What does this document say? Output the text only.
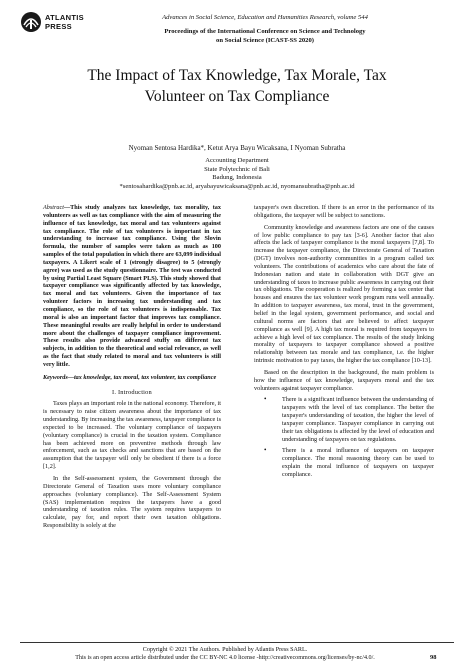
ATLANTIS
PRESS
Advances in Social Science, Education and Humanities Research, volume 544
Proceedings of the International Conference on Science and Technology
on Social Science (ICAST-SS 2020)
The Impact of Tax Knowledge, Tax Morale, Tax
Volunteer on Tax Compliance
Nyoman Sentosa Hardika*, Ketut Arya Bayu Wicaksana, I Nyoman Subratha
Accounting Department
State Polytechnic of Bali
Badung, Indonesia
*sentosahardika@pnb.ac.id, aryabayuwicaksana@pnb.ac.id, nyomansubratha@pnb.ac.id
Abstract—This study analyzes tax knowledge, tax morality, tax volunteers as well as tax compliance with the aim of measuring the influence of tax knowledge, tax moral and tax volunteers against tax compliance. The role of tax volunteers is important in tax understanding to increase tax compliance. Using the Slovin formula, the number of samples were taken as much as 100 samples of the total population in which there are 63,099 individual taxpayers. A Likert scale of 1 (strongly disagree) to 5 (strongly agree) was used as the study questionnaire. The test was conducted by using Partial Least Square (Smart PLS). This study showed that taxpayer compliance was significantly affected by tax knowledge, tax moral and tax volunteers. Given the importance of tax volunteer factors in increasing tax understanding and tax compliance, so the role of tax volunteers is indispensable. Tax moral is also an important factor that improves tax compliance. These meaningful results are really helpful in order to understand more about the challenges of taxpayer compliance improvement. These results also provide advanced stuffy on different tax subjects, in addition to the theoretical and social relevance, as well as the fact that study related to moral and tax volunteers is still very little.
Keywords—tax knowledge, tax moral, tax volunteer, tax compliance
I. Introduction
Taxes plays an important role in the national economy. Therefore, it is necessary to raise citizen awareness about the importance of tax understanding. By increasing the tax awareness, taxpayer compliance is expected to be increased. The voluntary compliance of taxpayers (voluntary compliance) is crucial in the taxation system. Compliance has been achieved more on preventive methods through law enforcement, such as tax checks and sanctions that are based on the assumption that the taxpayer will only be obedient if there is a force [1,2].
In the Self-assessment system, the Government through the Directorate General of Taxation uses more voluntary compliance approaches (voluntary compliance). The Self-Assessment System (SAS) implementation requires the taxpayers have a good understanding of taxation rules. The system requires taxpayers to calculate, pay for, and report their own taxation obligations. Responsibility is solely at the
taxpayer's own discretion. If there is an error in the performance of its obligations, the taxpayer will be subject to sanctions.
Community knowledge and awareness factors are one of the causes of low public compliance to pay tax [3-6]. Another factor that also affects the lack of taxpayer compliance is the moral taxpayers [7,8]. To increase the taxpayer compliance, the Directorate General of Taxation (DGT) involves non-authority communities in a program called tax volunteers. The contributions of academics who care about the fate of Indonesian nation and state in collaboration with DGT give an understanding of taxes to increase public awareness in carrying out their tax obligations. The cooperation is realized by forming a tax center that houses and ensures the tax volunteer work program runs well annually. In addition to taxpayer awareness, tax moral, trust in the government, belief in the legal system, government performance, and social and cultural norms are factors that are believed to affect taxpayer compliance as well [9]. A high tax moral is required from taxpayers to achieve a high level of tax compliance. The results of the study linking morality of taxpayers to taxpayer compliance showed a positive relationship between tax morale and tax compliance, i.e. the higher intrinsic motivation to pay taxes, the higher the tax compliance [10-13].
Based on the description in the background, the main problem is how the influence of tax knowledge, taxpayers moral and the tax volunteers against taxpayer compliance.
• There is a significant influence between the understanding of taxpayers with the level of tax compliance. The better the taxpayer's understanding of taxation, the higher the level of taxpayer compliance. Taxpayer compliance in carrying out their tax obligations is affected by the level of education and understanding of taxpayers on tax regulations.
• There is a moral influence of taxpayers on taxpayer compliance. The moral reasoning theory can be used to explain the moral influence of taxpayers on taxpayer compliance.
Copyright © 2021 The Authors. Published by Atlantis Press SARL.
This is an open access article distributed under the CC BY-NC 4.0 license -http://creativecommons.org/licenses/by-nc/4.0/.	98
